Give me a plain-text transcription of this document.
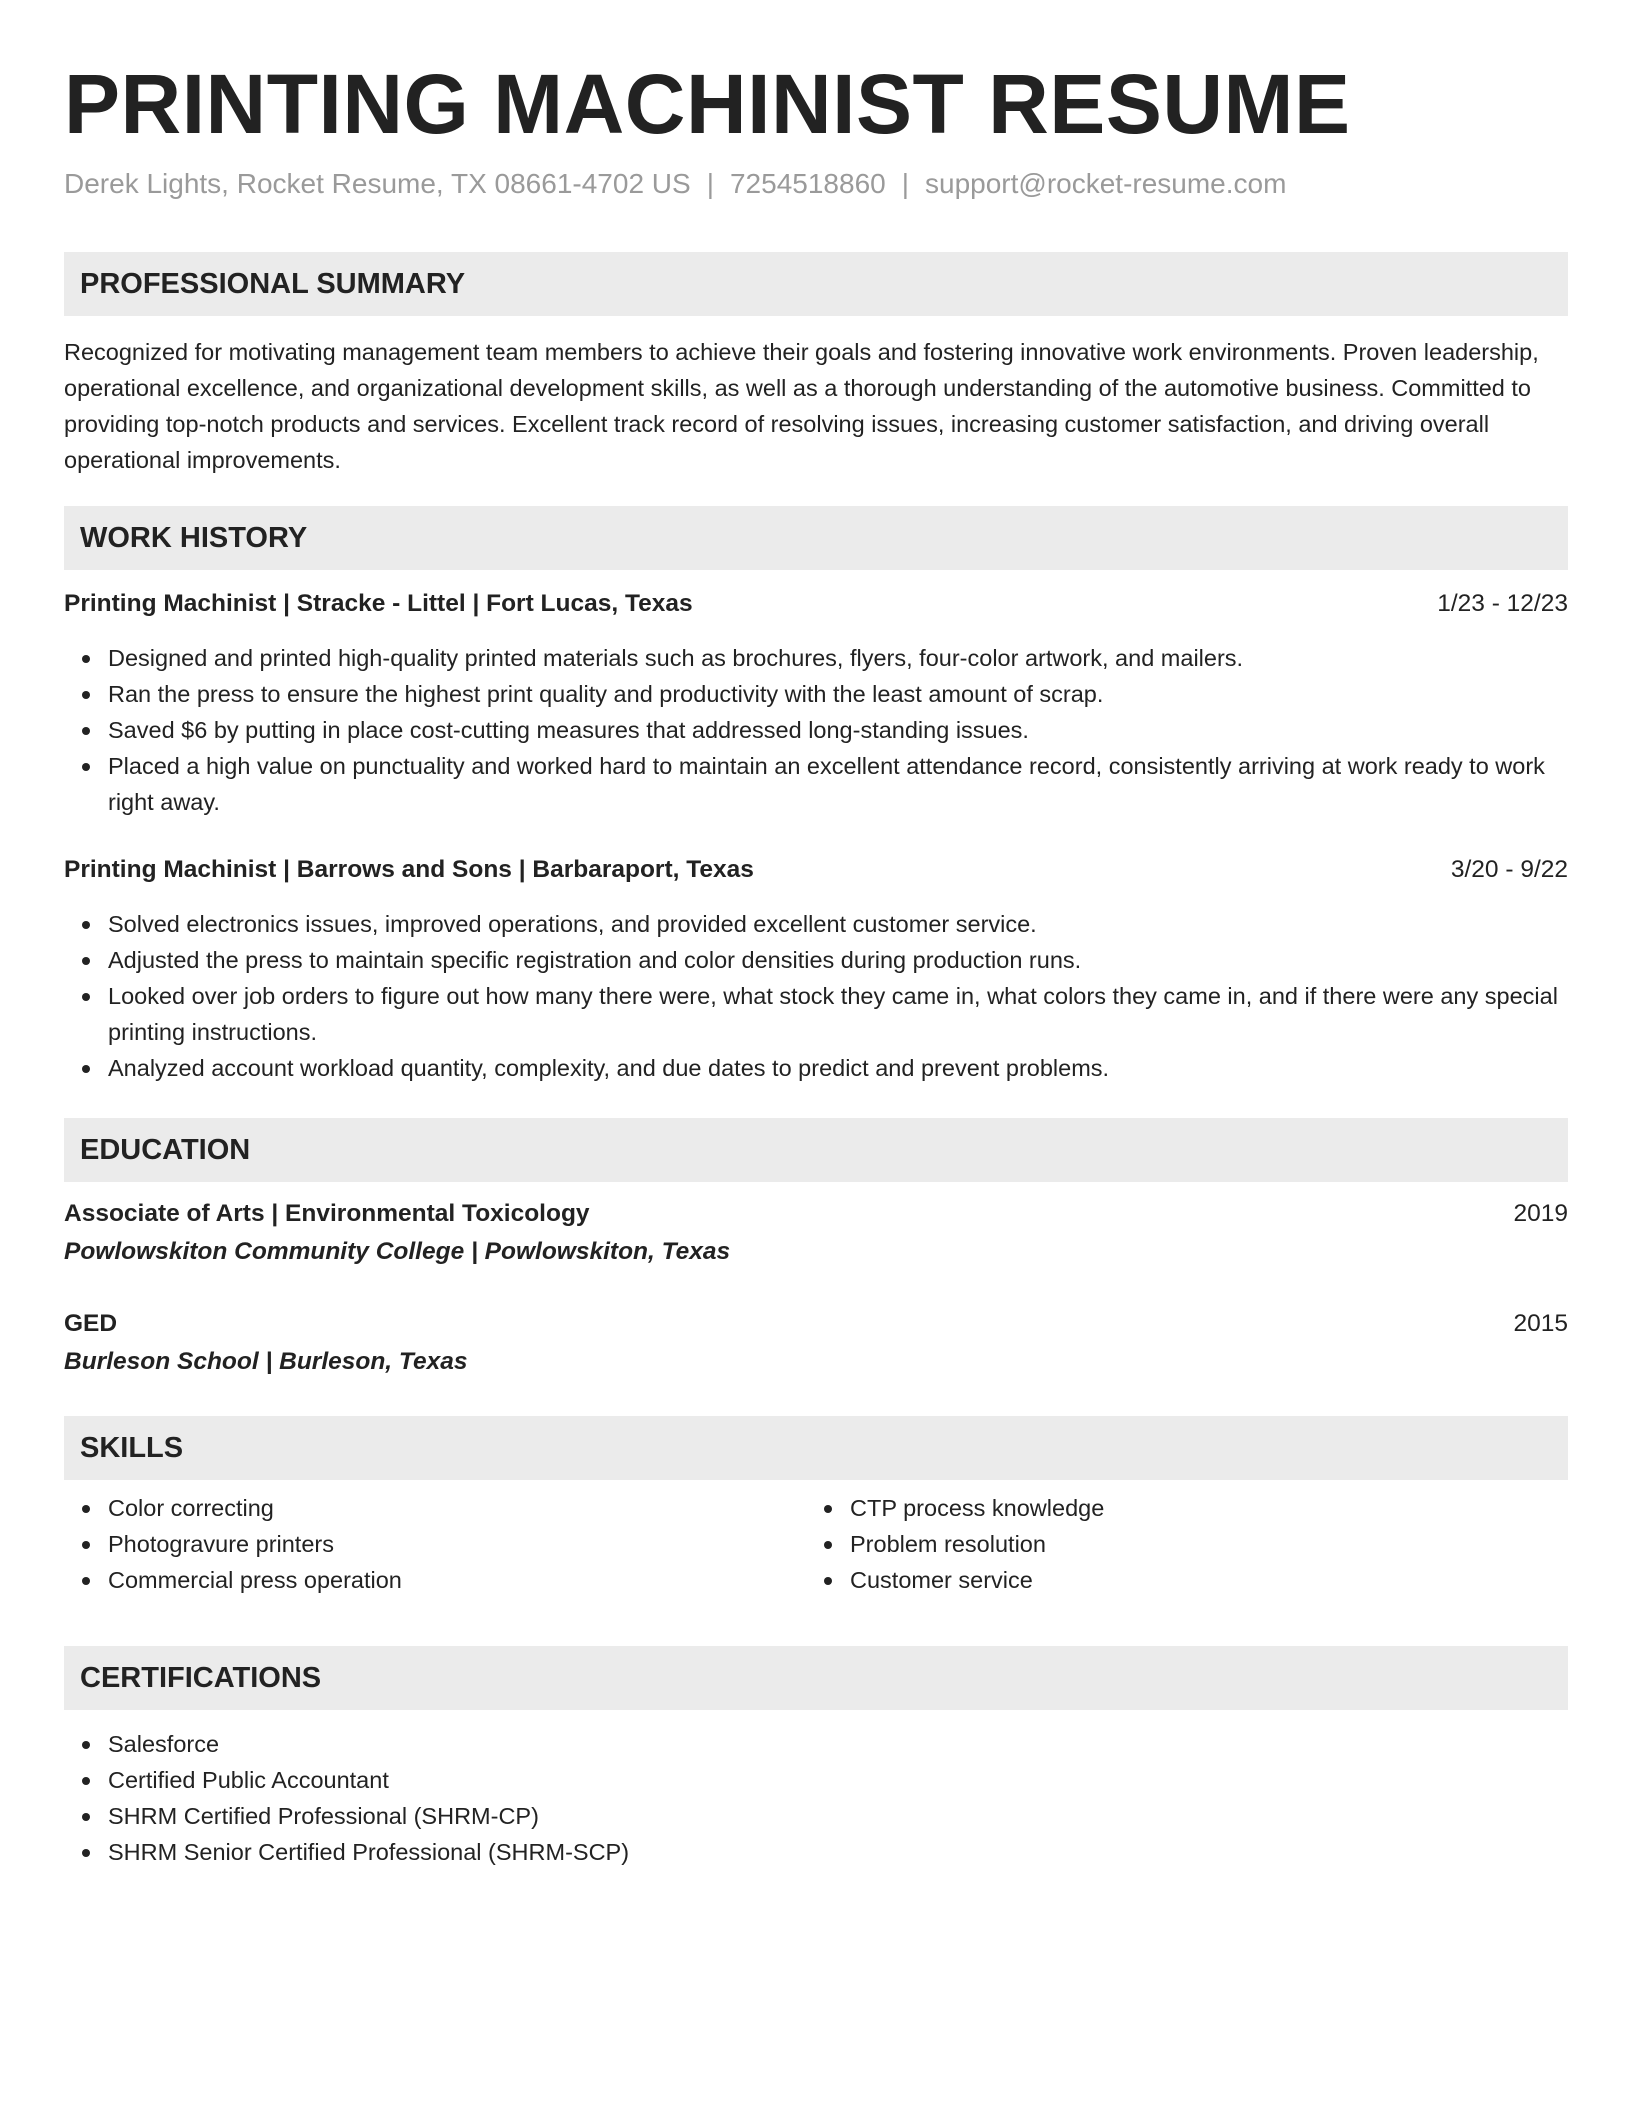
PRINTING MACHINIST RESUME
Derek Lights, Rocket Resume, TX 08661-4702 US | 7254518860 | support@rocket-resume.com
PROFESSIONAL SUMMARY

Recognized for motivating management team members to achieve their goals and fostering innovative work environments. Proven leadership, operational excellence, and organizational development skills, as well as a thorough understanding of the automotive business. Committed to providing top-notch products and services. Excellent track record of resolving issues, increasing customer satisfaction, and driving overall operational improvements.

WORK HISTORY
Printing Machinist | Stracke - Littel | Fort Lucas, Texas	1/23 - 12/23
Designed and printed high-quality printed materials such as brochures, flyers, four-color artwork, and mailers.
Ran the press to ensure the highest print quality and productivity with the least amount of scrap.
Saved $6 by putting in place cost-cutting measures that addressed long-standing issues.
Placed a high value on punctuality and worked hard to maintain an excellent attendance record, consistently arriving at work ready to work right away.
Printing Machinist | Barrows and Sons | Barbaraport, Texas	3/20 - 9/22
Solved electronics issues, improved operations, and provided excellent customer service.
Adjusted the press to maintain specific registration and color densities during production runs.
Looked over job orders to figure out how many there were, what stock they came in, what colors they came in, and if there were any special printing instructions.
Analyzed account workload quantity, complexity, and due dates to predict and prevent problems.
EDUCATION
Associate of Arts | Environmental Toxicology	2019
Powlowskiton Community College | Powlowskiton, Texas
GED	2015
Burleson School | Burleson, Texas
SKILLS
Color correcting
Photogravure printers
Commercial press operation
CTP process knowledge
Problem resolution
Customer service
CERTIFICATIONS
Salesforce
Certified Public Accountant
SHRM Certified Professional (SHRM-CP)
SHRM Senior Certified Professional (SHRM-SCP)
